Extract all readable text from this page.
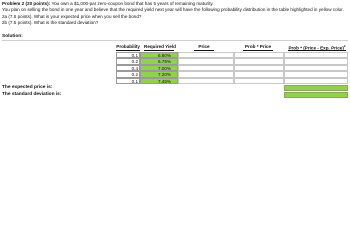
Problem 2 (20 points): You own a $1,000-par zero-coupon bond that has 5 years of remaining maturity.
You plan on selling the bond in one year and believe that the required yield next year will have the following probability distribution in the table highlighted in yellow color.
2a (7.5 points). What is your expected price when you sell the bond?
2b (7.5 points). What is the standard deviation?
Solution:
Probability Required Yield	Price	Prob * Price	Prob * (Price - Exp. Price)$^2$
0.1	6.60%
0.2	6.75%
0.4	7.00%
0.2	7.20%
0.1	7.45%
The expected price is:
The standard deviation is:
